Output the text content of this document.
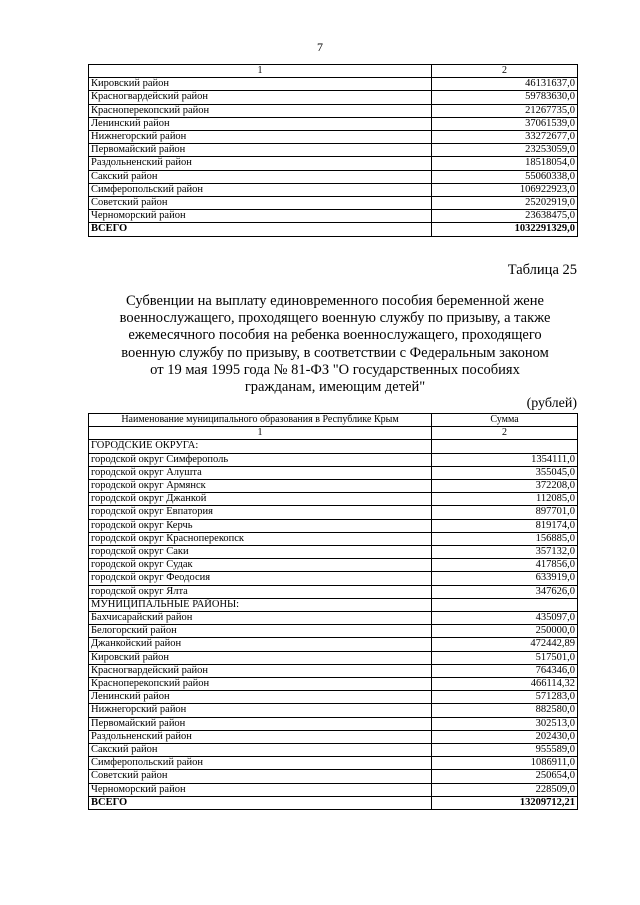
7
1	2
Кировский район	46131637,0
Красногвардейский район	59783630,0
Красноперекопский район	21267735,0
Ленинский район	37061539,0
Нижнегорский район	33272677,0
Первомайский район	23253059,0
Раздольненский район	18518054,0
Сакский район	55060338,0
Симферопольский район	106922923,0
Советский район	25202919,0
Черноморский район	23638475,0
ВСЕГО	1032291329,0
Таблица 25
Субвенции на выплату единовременного пособия беременной жене
военнослужащего, проходящего военную службу по призыву, а также
ежемесячного пособия на ребенка военнослужащего, проходящего
военную службу по призыву, в соответствии с Федеральным законом
от 19 мая 1995 года № 81-ФЗ "О государственных пособиях
гражданам, имеющим детей"
(рублей)
Наименование муниципального образования в Республике Крым	Сумма
1	2
ГОРОДСКИЕ ОКРУГА:	
городской округ Симферополь	1354111,0
городской округ Алушта	355045,0
городской округ Армянск	372208,0
городской округ Джанкой	112085,0
городской округ Евпатория	897701,0
городской округ Керчь	819174,0
городской округ Красноперекопск	156885,0
городской округ Саки	357132,0
городской округ Судак	417856,0
городской округ Феодосия	633919,0
городской округ Ялта	347626,0
МУНИЦИПАЛЬНЫЕ РАЙОНЫ:	
Бахчисарайский район	435097,0
Белогорский район	250000,0
Джанкойский район	472442,89
Кировский район	517501,0
Красногвардейский район	764346,0
Красноперекопский район	466114,32
Ленинский район	571283,0
Нижнегорский район	882580,0
Первомайский район	302513,0
Раздольненский район	202430,0
Сакский район	955589,0
Симферопольский район	1086911,0
Советский район	250654,0
Черноморский район	228509,0
ВСЕГО	13209712,21
